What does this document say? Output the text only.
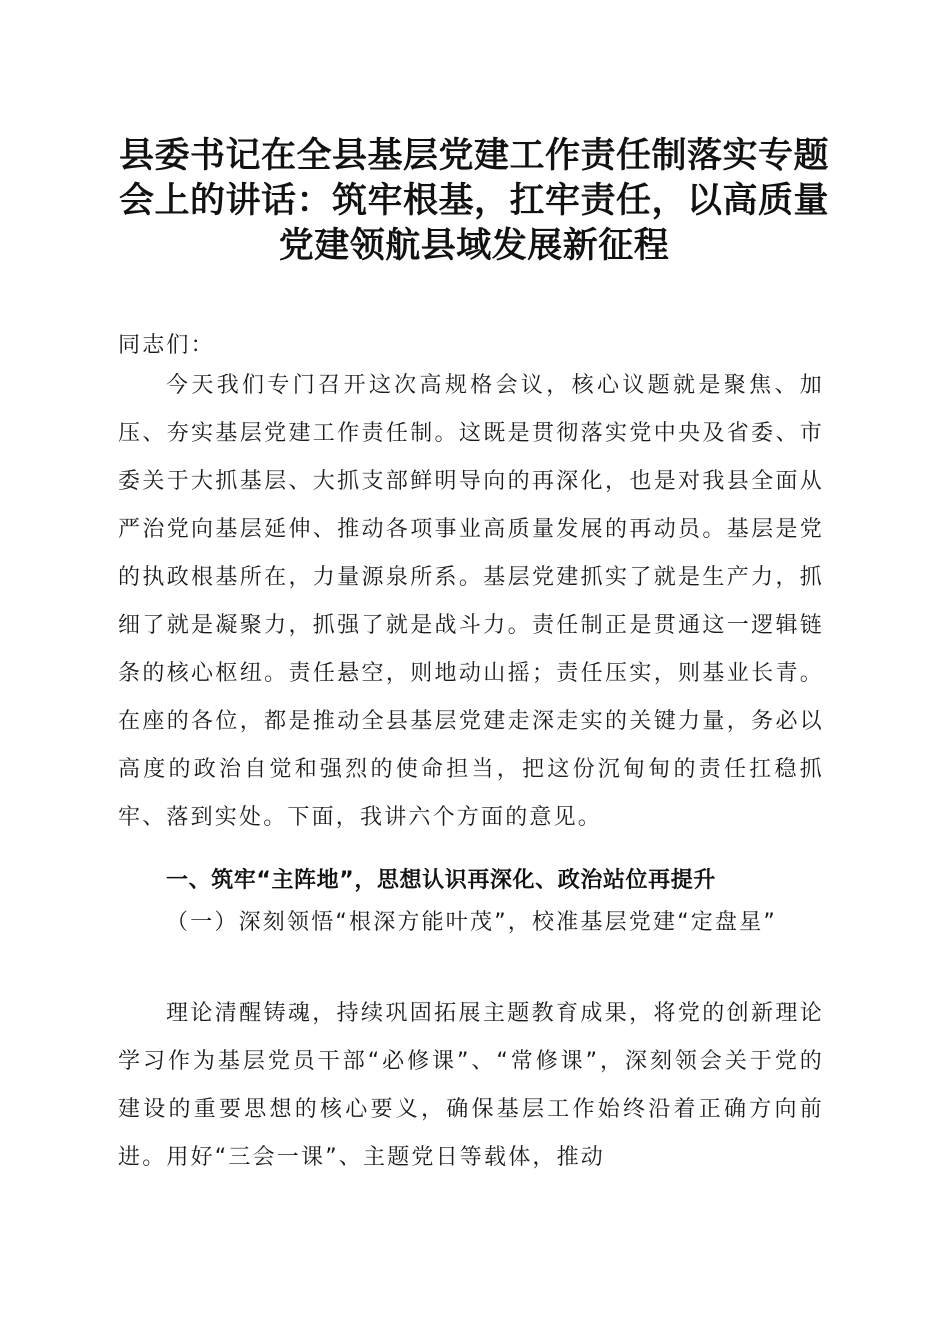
县委书记在全县基层党建工作责任制落实专题会上的讲话：筑牢根基，扛牢责任，以高质量党建领航县域发展新征程

同志们：

今天我们专门召开这次高规格会议，核心议题就是聚焦、加压、夯实基层党建工作责任制。这既是贯彻落实党中央及省委、市委关于大抓基层、大抓支部鲜明导向的再深化，也是对我县全面从严治党向基层延伸、推动各项事业高质量发展的再动员。基层是党的执政根基所在，力量源泉所系。基层党建抓实了就是生产力，抓细了就是凝聚力，抓强了就是战斗力。责任制正是贯通这一逻辑链条的核心枢纽。责任悬空，则地动山摇；责任压实，则基业长青。在座的各位，都是推动全县基层党建走深走实的关键力量，务必以高度的政治自觉和强烈的使命担当，把这份沉甸甸的责任扛稳抓牢、落到实处。下面，我讲六个方面的意见。

一、筑牢“主阵地”，思想认识再深化、政治站位再提升
（一）深刻领悟“根深方能叶茂”，校准基层党建“定盘星”

理论清醒铸魂，持续巩固拓展主题教育成果，将党的创新理论学习作为基层党员干部“必修课”、“常修课”，深刻领会关于党的建设的重要思想的核心要义，确保基层工作始终沿着正确方向前进。用好“三会一课”、主题党日等载体，推动
